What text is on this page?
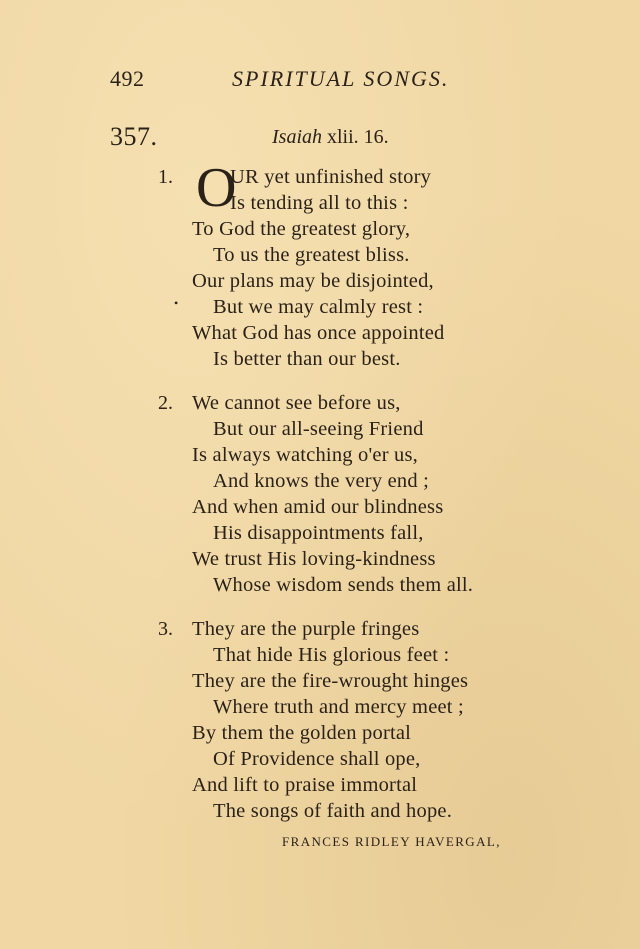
492	SPIRITUAL SONGS.
357.	Isaiah xlii. 16.
1. O
UR yet unfinished story
Is tending all to this :
To God the greatest glory,
To us the greatest bliss.
Our plans may be disjointed,
• But we may calmly rest :
What God has once appointed
Is better than our best.
2. We cannot see before us,
But our all-seeing Friend
Is always watching o'er us,
And knows the very end ;
And when amid our blindness
His disappointments fall,
We trust His loving-kindness
Whose wisdom sends them all.
3. They are the purple fringes
That hide His glorious feet :
They are the fire-wrought hinges
Where truth and mercy meet ;
By them the golden portal
Of Providence shall ope,
And lift to praise immortal
The songs of faith and hope.
FRANCES RIDLEY HAVERGAL,
